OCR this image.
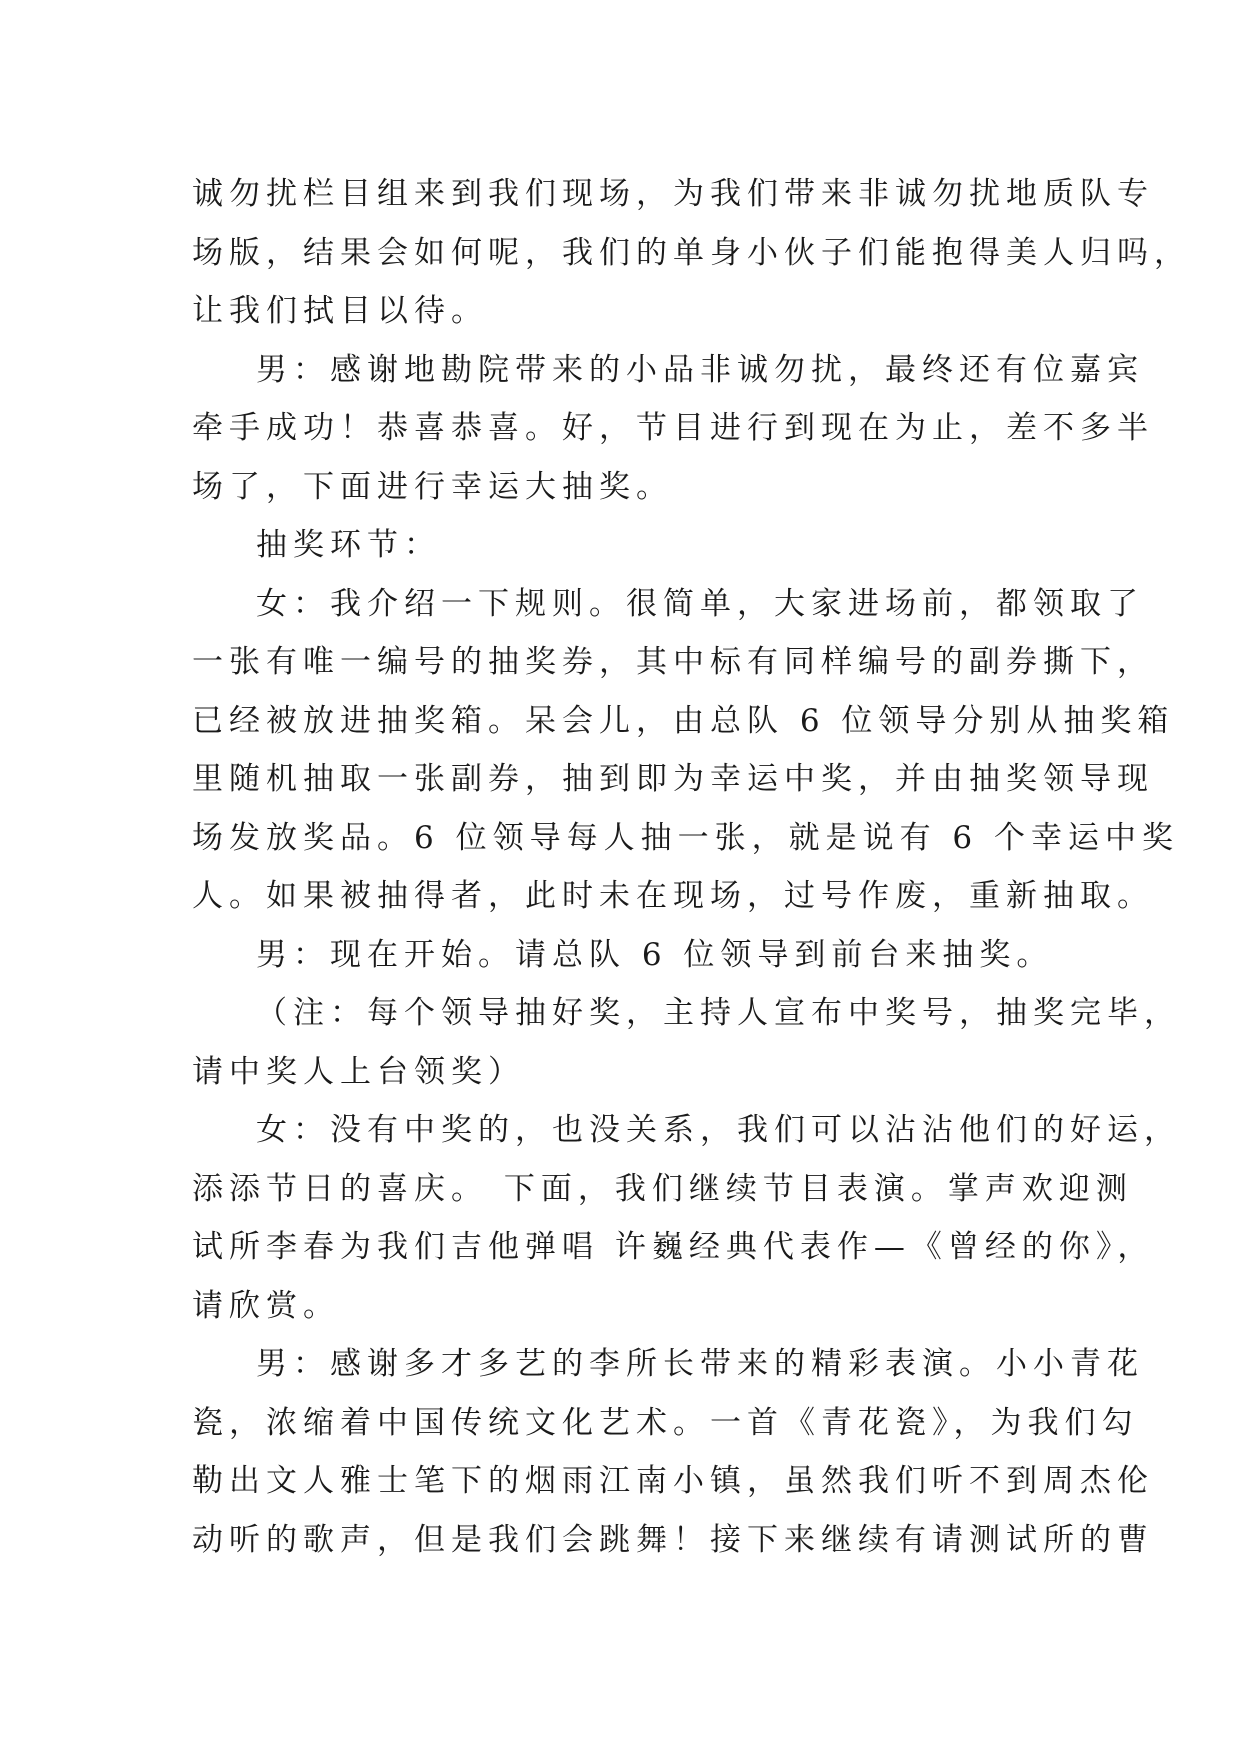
诚勿扰栏目组来到我们现场，为我们带来非诚勿扰地质队专
场版，结果会如何呢，我们的单身小伙子们能抱得美人归吗，
让我们拭目以待。

男：感谢地勘院带来的小品非诚勿扰，最终还有位嘉宾
牵手成功！恭喜恭喜。好，节目进行到现在为止，差不多半
场了，下面进行幸运大抽奖。

抽奖环节：

女：我介绍一下规则。很简单，大家进场前，都领取了
一张有唯一编号的抽奖券，其中标有同样编号的副券撕下，
已经被放进抽奖箱。呆会儿，由总队 6 位领导分别从抽奖箱
里随机抽取一张副券，抽到即为幸运中奖，并由抽奖领导现
场发放奖品。6 位领导每人抽一张，就是说有 6 个幸运中奖
人。如果被抽得者，此时未在现场，过号作废，重新抽取。

男：现在开始。请总队 6 位领导到前台来抽奖。

（注：每个领导抽好奖，主持人宣布中奖号，抽奖完毕，
请中奖人上台领奖）

女：没有中奖的，也没关系，我们可以沾沾他们的好运，
添添节日的喜庆。 下面，我们继续节目表演。掌声欢迎测
试所李春为我们吉他弹唱 许巍经典代表作—《曾经的你》，
请欣赏。

男：感谢多才多艺的李所长带来的精彩表演。小小青花
瓷，浓缩着中国传统文化艺术。一首《青花瓷》，为我们勾
勒出文人雅士笔下的烟雨江南小镇，虽然我们听不到周杰伦
动听的歌声，但是我们会跳舞！接下来继续有请测试所的曹
